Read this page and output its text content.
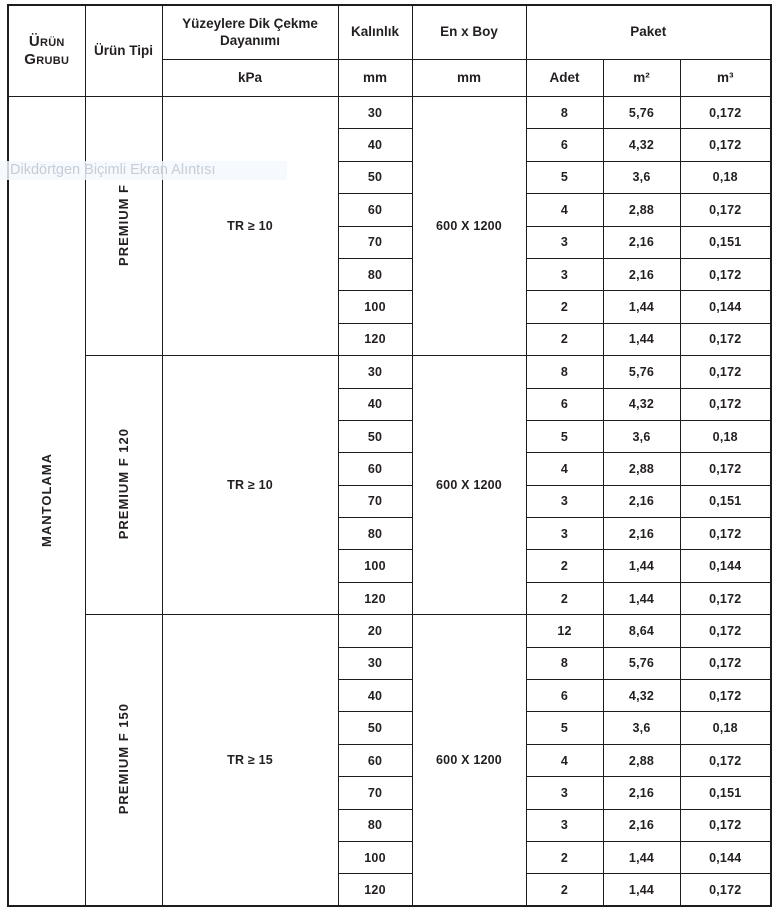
Ürün Grubu	Ürün Tipi	Yüzeylere Dik Çekme Dayanımı	Kalınlık	En x Boy	Paket		
		kPa	mm	mm	Adet	m²	m³
MANTOLAMA	PREMIUM F	TR ≥ 10	30	600 X 1200	8	5,76	0,172
			40		6	4,32	0,172
			50		5	3,6	0,18
			60		4	2,88	0,172
			70		3	2,16	0,151
			80		3	2,16	0,172
			100		2	1,44	0,144
			120		2	1,44	0,172
	PREMIUM F 120	TR ≥ 10	30	600 X 1200	8	5,76	0,172
			40		6	4,32	0,172
			50		5	3,6	0,18
			60		4	2,88	0,172
			70		3	2,16	0,151
			80		3	2,16	0,172
			100		2	1,44	0,144
			120		2	1,44	0,172
	PREMIUM F 150	TR ≥ 15	20	600 X 1200	12	8,64	0,172
			30		8	5,76	0,172
			40		6	4,32	0,172
			50		5	3,6	0,18
			60		4	2,88	0,172
			70		3	2,16	0,151
			80		3	2,16	0,172
			100		2	1,44	0,144
			120		2	1,44	0,172
Dikdörtgen Biçimli Ekran Alıntısı
